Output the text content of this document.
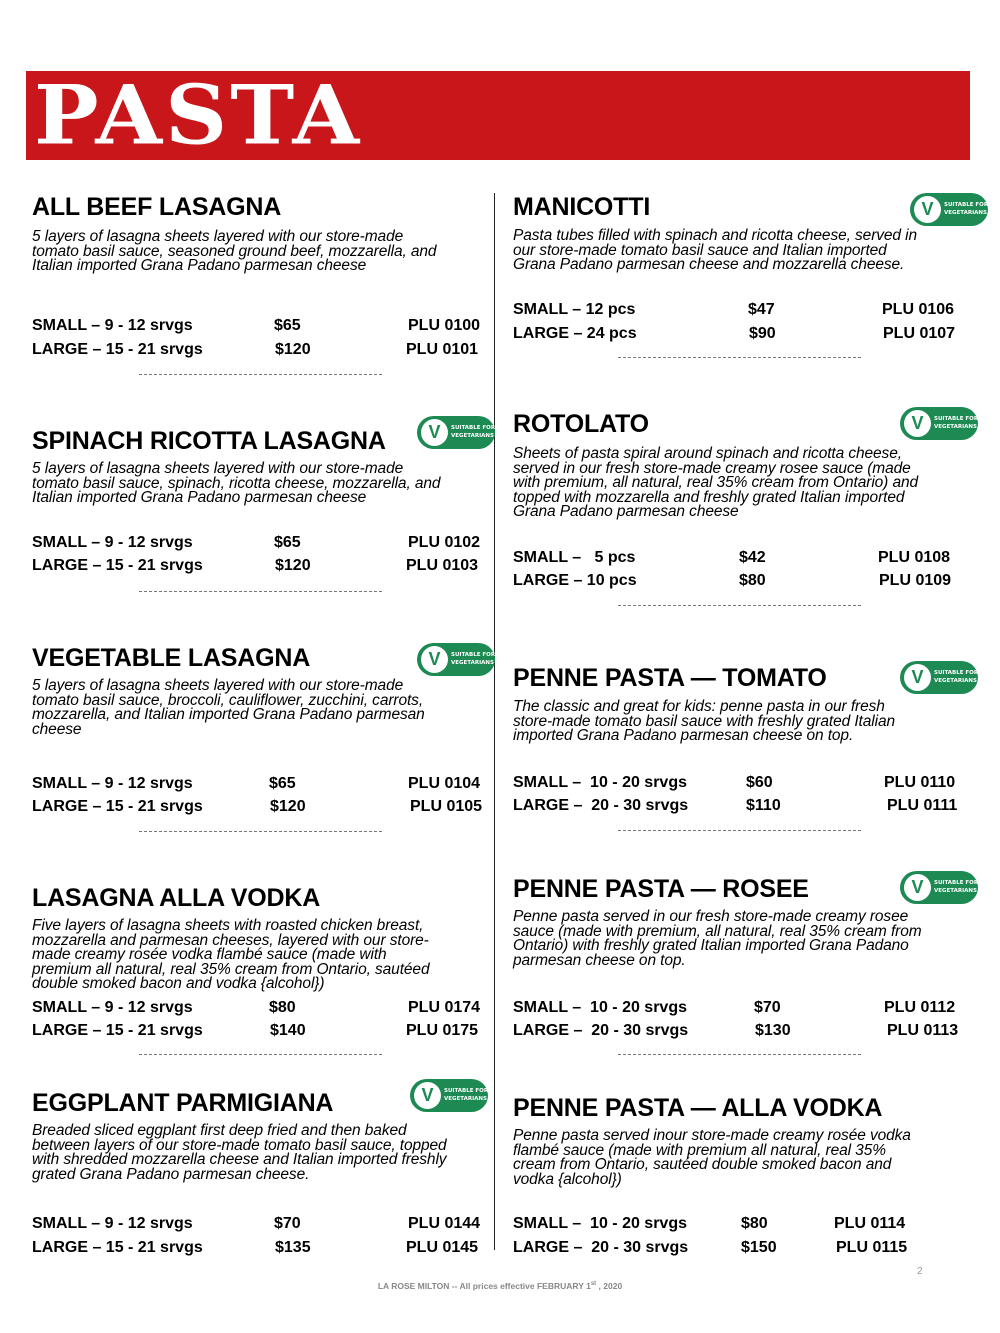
PASTA
ALL BEEF LASAGNA
5 layers of lasagna sheets layered with our store-made
tomato basil sauce, seasoned ground beef, mozzarella, and
Italian imported Grana Padano parmesan cheese
SMALL – 9 - 12 srvgs	$65	PLU 0100
LARGE – 15 - 21 srvgs	$120	PLU 0101
SPINACH RICOTTA LASAGNA	V	SUITABLE FOR
VEGETARIANS
5 layers of lasagna sheets layered with our store-made
tomato basil sauce, spinach, ricotta cheese, mozzarella, and
Italian imported Grana Padano parmesan cheese
SMALL – 9 - 12 srvgs	$65	PLU 0102
LARGE – 15 - 21 srvgs	$120	PLU 0103
VEGETABLE LASAGNA	V	SUITABLE FOR
VEGETARIANS
5 layers of lasagna sheets layered with our store-made
tomato basil sauce, broccoli, cauliflower, zucchini, carrots,
mozzarella, and Italian imported Grana Padano parmesan
cheese
SMALL – 9 - 12 srvgs	$65	PLU 0104
LARGE – 15 - 21 srvgs	$120	PLU 0105
LASAGNA ALLA VODKA
Five layers of lasagna sheets with roasted chicken breast,
mozzarella and parmesan cheeses, layered with our store-
made creamy rosée vodka flambé sauce (made with
premium all natural, real 35% cream from Ontario, sautéed
double smoked bacon and vodka {alcohol})
SMALL – 9 - 12 srvgs	$80	PLU 0174
LARGE – 15 - 21 srvgs	$140	PLU 0175
EGGPLANT PARMIGIANA	V	SUITABLE FOR
VEGETARIANS
Breaded sliced eggplant first deep fried and then baked
between layers of our store-made tomato basil sauce, topped
with shredded mozzarella cheese and Italian imported freshly
grated Grana Padano parmesan cheese.
SMALL – 9 - 12 srvgs	$70	PLU 0144
LARGE – 15 - 21 srvgs	$135	PLU 0145
MANICOTTI	V	SUITABLE FOR
VEGETARIANS
Pasta tubes filled with spinach and ricotta cheese, served in
our store-made tomato basil sauce and Italian imported
Grana Padano parmesan cheese and mozzarella cheese.
SMALL – 12 pcs	$47	PLU 0106
LARGE – 24 pcs	$90	PLU 0107
ROTOLATO	V	SUITABLE FOR
VEGETARIANS
Sheets of pasta spiral around spinach and ricotta cheese,
served in our fresh store-made creamy rosee sauce (made
with premium, all natural, real 35% cream from Ontario) and
topped with mozzarella and freshly grated Italian imported
Grana Padano parmesan cheese
SMALL –   5 pcs	$42	PLU 0108
LARGE – 10 pcs	$80	PLU 0109
PENNE PASTA — TOMATO	V	SUITABLE FOR
VEGETARIANS
The classic and great for kids: penne pasta in our fresh
store-made tomato basil sauce with freshly grated Italian
imported Grana Padano parmesan cheese on top.
SMALL –  10 - 20 srvgs	$60	PLU 0110
LARGE –  20 - 30 srvgs	$110	PLU 0111
PENNE PASTA — ROSEE	V	SUITABLE FOR
VEGETARIANS
Penne pasta served in our fresh store-made creamy rosee
sauce (made with premium, all natural, real 35% cream from
Ontario) with freshly grated Italian imported Grana Padano
parmesan cheese on top.
SMALL –  10 - 20 srvgs	$70	PLU 0112
LARGE –  20 - 30 srvgs	$130	PLU 0113
PENNE PASTA — ALLA VODKA
Penne pasta served inour store-made creamy rosée vodka
flambé sauce (made with premium all natural, real 35%
cream from Ontario, sautéed double smoked bacon and
vodka {alcohol})
SMALL –  10 - 20 srvgs	$80	PLU 0114
LARGE –  20 - 30 srvgs	$150	PLU 0115
2
LA ROSE MILTON -- All prices effective FEBRUARY 1st , 2020
